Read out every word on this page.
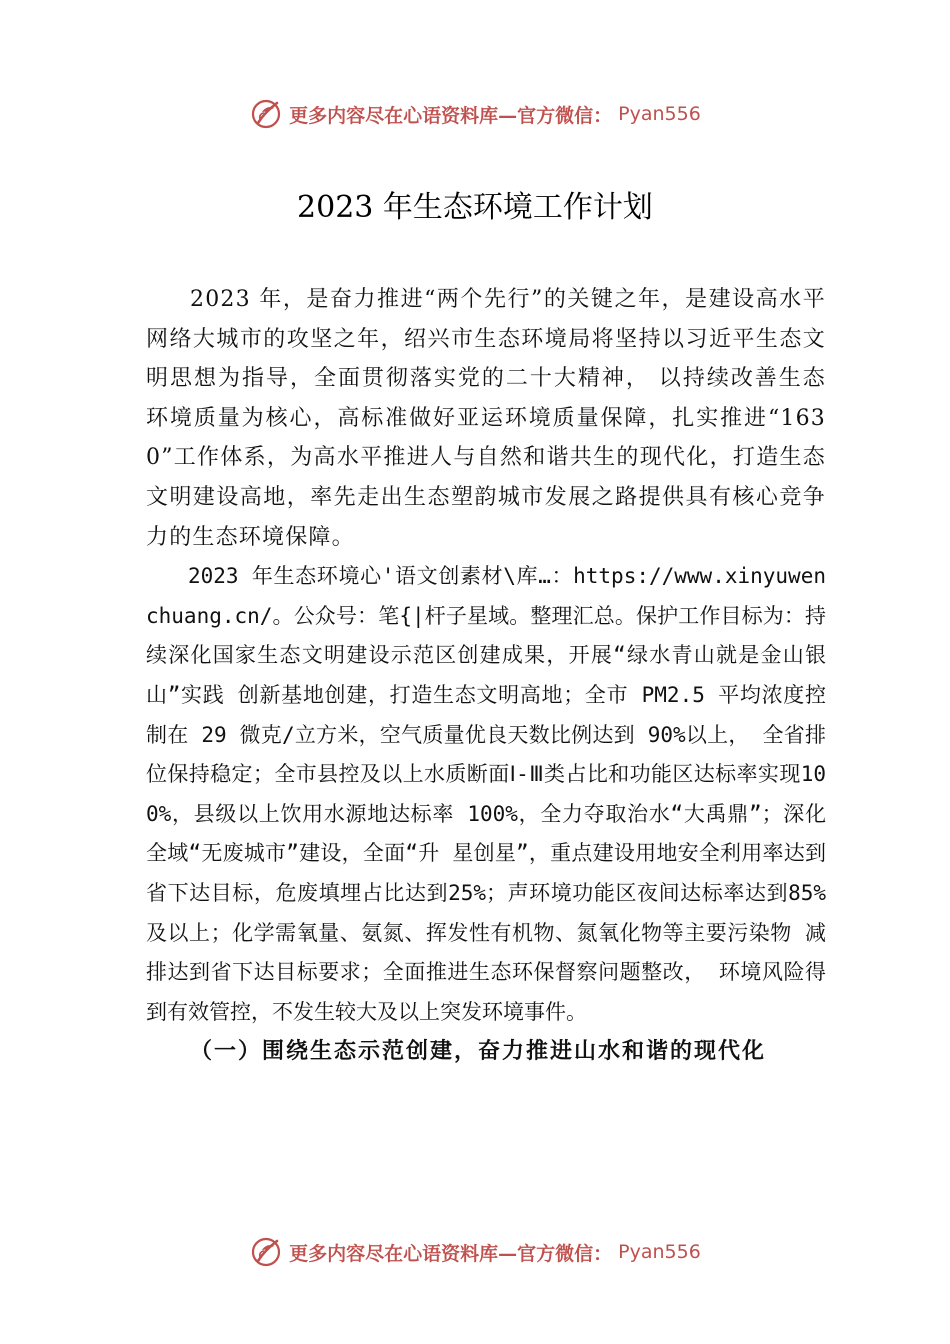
更多内容尽在心语资料库—官方微信： Pyan556
2023 年生态环境工作计划

2023 年，是奋力推进“两个先行”的关键之年，是建设高水平网络大城市的攻坚之年，绍兴市生态环境局将坚持以习近平生态文明思想为指导，全面贯彻落实党的二十大精神， 以持续改善生态环境质量为核心，高标准做好亚运环境质量保障，扎实推进“1630”工作体系，为高水平推进人与自然和谐共生的现代化，打造生态文明建设高地，率先走出生态塑韵城市发展之路提供具有核心竞争力的生态环境保障。

2023 年生态环境心'语文创素材\库…：https://www.xinyuwenchuang.cn/。公众号：笔{|杆子星域。整理汇总。保护工作目标为：持续深化国家生态文明建设示范区创建成果，开展“绿水青山就是金山银山”实践 创新基地创建，打造生态文明高地；全市 PM2.5 平均浓度控制在 29 微克/立方米，空气质量优良天数比例达到 90%以上， 全省排位保持稳定；全市县控及以上水质断面Ⅰ-Ⅲ类占比和功能区达标率实现100%，县级以上饮用水源地达标率 100%，全力夺取治水“大禹鼎”；深化全域“无废城市”建设，全面“升 星创星”，重点建设用地安全利用率达到省下达目标，危废填埋占比达到25%；声环境功能区夜间达标率达到85%及以上；化学需氧量、氨氮、挥发性有机物、氮氧化物等主要污染物 减排达到省下达目标要求；全面推进生态环保督察问题整改， 环境风险得到有效管控，不发生较大及以上突发环境事件。

（一）围绕生态示范创建，奋力推进山水和谐的现代化

更多内容尽在心语资料库—官方微信： Pyan556
